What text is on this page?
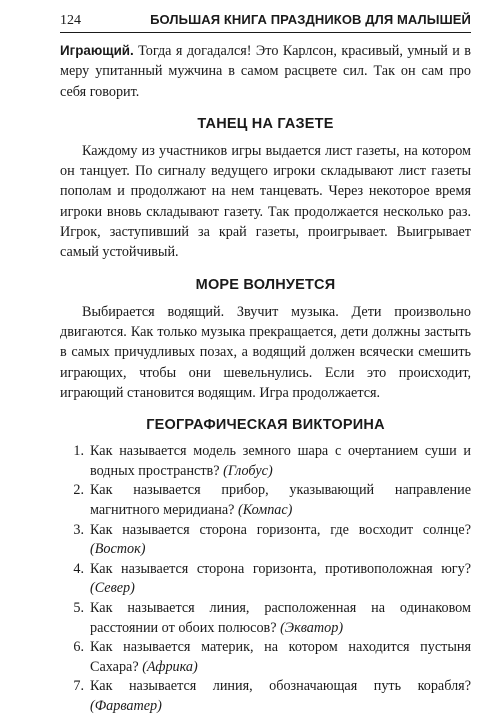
124	БОЛЬШАЯ КНИГА ПРАЗДНИКОВ ДЛЯ МАЛЫШЕЙ

Играющий. Тогда я догадался! Это Карлсон, красивый, умный и в меру упитанный мужчина в самом расцвете сил. Так он сам про себя говорит.

ТАНЕЦ НА ГАЗЕТЕ

Каждому из участников игры выдается лист газеты, на котором он танцует. По сигналу ведущего игроки складывают лист газеты пополам и продолжают на нем танцевать. Через некоторое время игроки вновь складывают газету. Так продолжается несколько раз. Игрок, заступивший за край газеты, проигрывает. Выигрывает самый устойчивый.

МОРЕ ВОЛНУЕТСЯ

Выбирается водящий. Звучит музыка. Дети произвольно двигаются. Как только музыка прекращается, дети должны застыть в самых причудливых позах, а водящий должен всячески смешить играющих, чтобы они шевельнулись. Если это происходит, играющий становится водящим. Игра продолжается.

ГЕОГРАФИЧЕСКАЯ ВИКТОРИНА
1. Как называется модель земного шара с очертанием суши и водных пространств? (Глобус)
2. Как называется прибор, указывающий направление магнитного меридиана? (Компас)
3. Как называется сторона горизонта, где восходит солнце? (Восток)
4. Как называется сторона горизонта, противоположная югу? (Север)
5. Как называется линия, расположенная на одинаковом расстоянии от обоих полюсов? (Экватор)
6. Как называется материк, на котором находится пустыня Сахара? (Африка)
7. Как называется линия, обозначающая путь корабля? (Фарватер)
